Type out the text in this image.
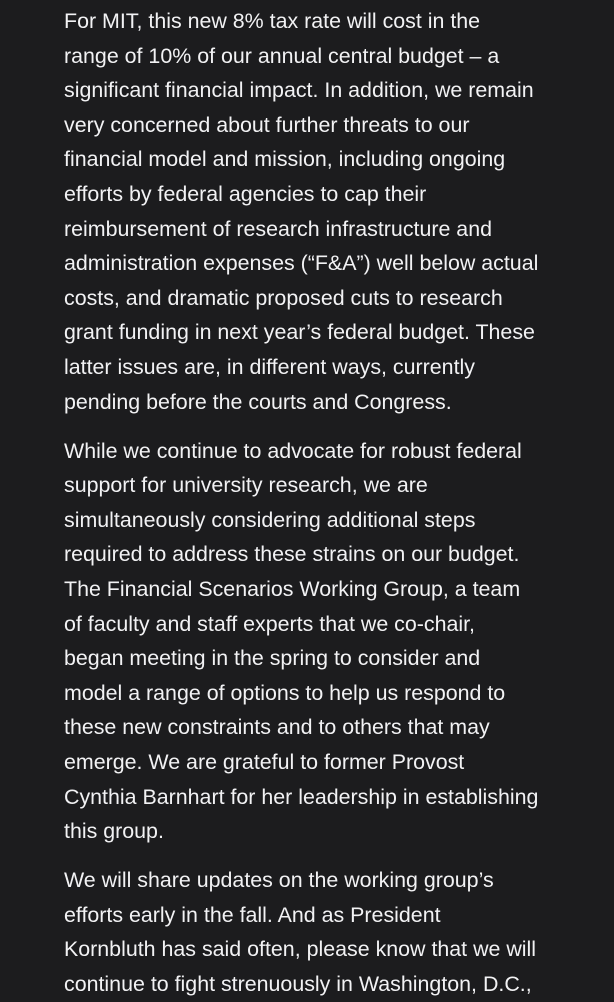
For MIT, this new 8% tax rate will cost in the
range of 10% of our annual central budget – a
significant financial impact. In addition, we remain
very concerned about further threats to our
financial model and mission, including ongoing
efforts by federal agencies to cap their
reimbursement of research infrastructure and
administration expenses (“F&A”) well below actual
costs, and dramatic proposed cuts to research
grant funding in next year’s federal budget. These
latter issues are, in different ways, currently
pending before the courts and Congress.

While we continue to advocate for robust federal
support for university research, we are
simultaneously considering additional steps
required to address these strains on our budget.
The Financial Scenarios Working Group, a team
of faculty and staff experts that we co-chair,
began meeting in the spring to consider and
model a range of options to help us respond to
these new constraints and to others that may
emerge. We are grateful to former Provost
Cynthia Barnhart for her leadership in establishing
this group.

We will share updates on the working group’s
efforts early in the fall. And as President
Kornbluth has said often, please know that we will
continue to fight strenuously in Washington, D.C.,
